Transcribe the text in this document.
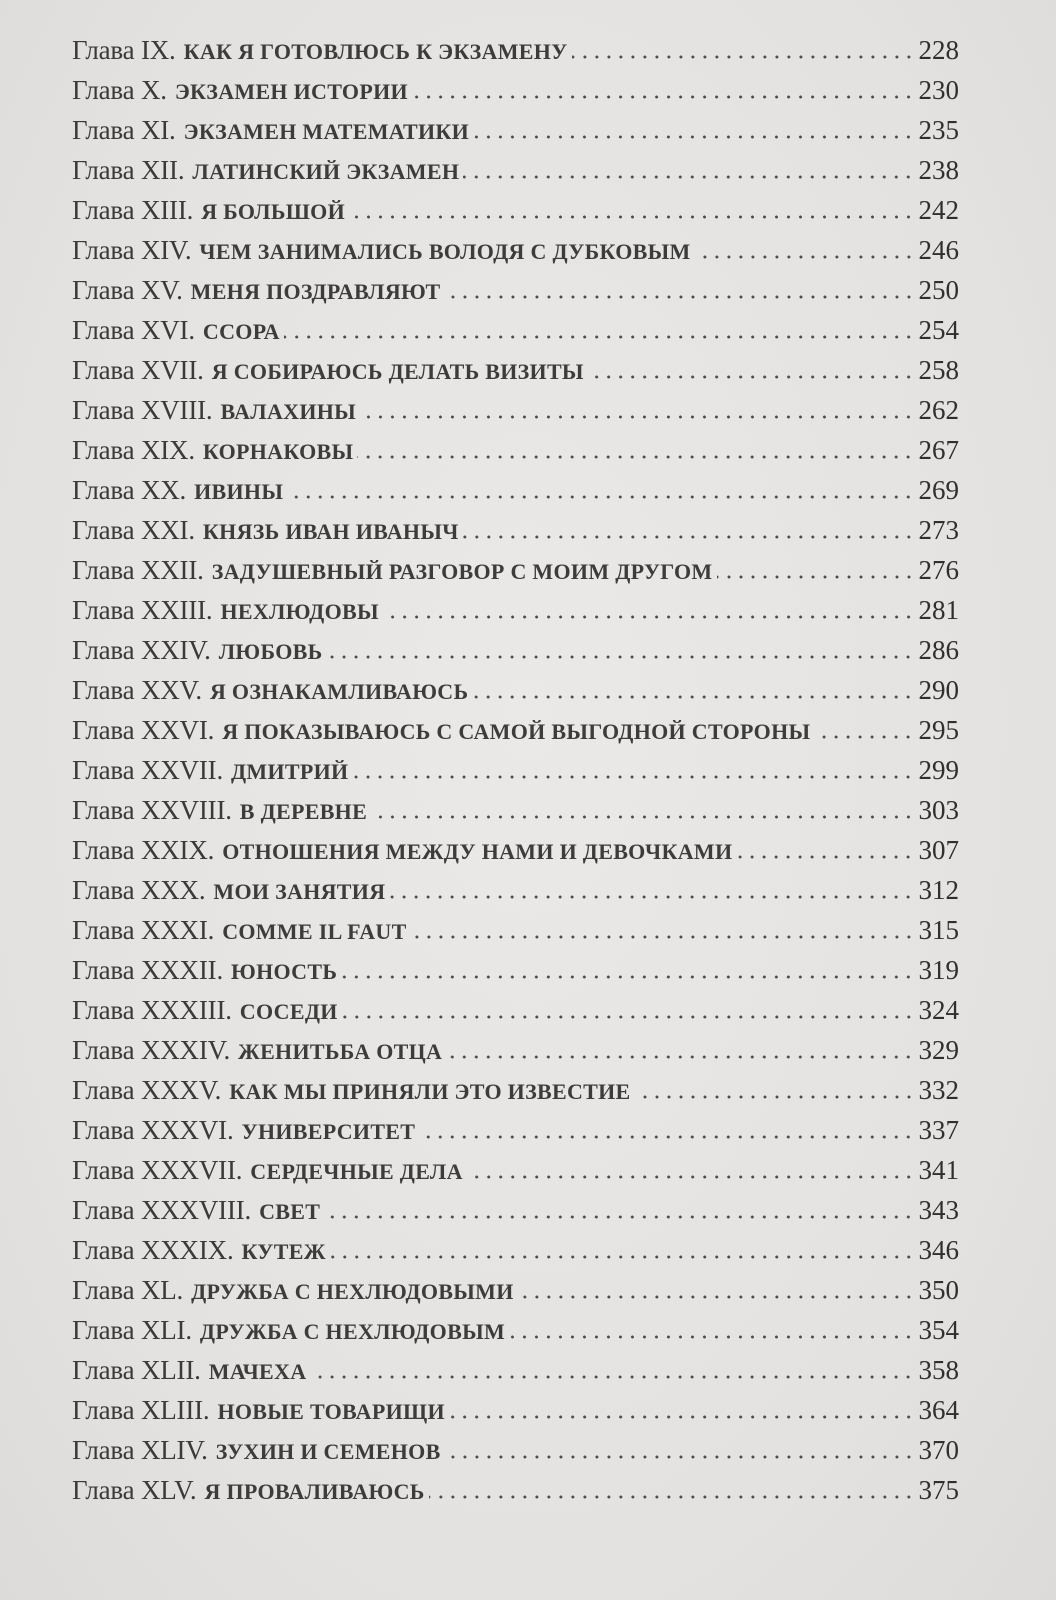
Глава IX. КАК Я ГОТОВЛЮСЬ К ЭКЗАМЕНУ	228
Глава X. ЭКЗАМЕН ИСТОРИИ	230
Глава XI. ЭКЗАМЕН МАТЕМАТИКИ	235
Глава XII. ЛАТИНСКИЙ ЭКЗАМЕН	238
Глава XIII. Я БОЛЬШОЙ	242
Глава XIV. ЧЕМ ЗАНИМАЛИСЬ ВОЛОДЯ С ДУБКОВЫМ	246
Глава XV. МЕНЯ ПОЗДРАВЛЯЮТ	250
Глава XVI. ССОРА	254
Глава XVII. Я СОБИРАЮСЬ ДЕЛАТЬ ВИЗИТЫ	258
Глава XVIII. ВАЛАХИНЫ	262
Глава XIX. КОРНАКОВЫ	267
Глава XX. ИВИНЫ	269
Глава XXI. КНЯЗЬ ИВАН ИВАНЫЧ	273
Глава XXII. ЗАДУШЕВНЫЙ РАЗГОВОР С МОИМ ДРУГОМ	276
Глава XXIII. НЕХЛЮДОВЫ	281
Глава XXIV. ЛЮБОВЬ	286
Глава XXV. Я ОЗНАКАМЛИВАЮСЬ	290
Глава XXVI. Я ПОКАЗЫВАЮСЬ С САМОЙ ВЫГОДНОЙ СТОРОНЫ	295
Глава XXVII. ДМИТРИЙ	299
Глава XXVIII. В ДЕРЕВНЕ	303
Глава XXIX. ОТНОШЕНИЯ МЕЖДУ НАМИ И ДЕВОЧКАМИ	307
Глава XXX. МОИ ЗАНЯТИЯ	312
Глава XXXI. COMME IL FAUT	315
Глава XXXII. ЮНОСТЬ	319
Глава XXXIII. СОСЕДИ	324
Глава XXXIV. ЖЕНИТЬБА ОТЦА	329
Глава XXXV. КАК МЫ ПРИНЯЛИ ЭТО ИЗВЕСТИЕ	332
Глава XXXVI. УНИВЕРСИТЕТ	337
Глава XXXVII. СЕРДЕЧНЫЕ ДЕЛА	341
Глава XXXVIII. СВЕТ	343
Глава XXXIX. КУТЕЖ	346
Глава XL. ДРУЖБА С НЕХЛЮДОВЫМИ	350
Глава XLI. ДРУЖБА С НЕХЛЮДОВЫМ	354
Глава XLII. МАЧЕХА	358
Глава XLIII. НОВЫЕ ТОВАРИЩИ	364
Глава XLIV. ЗУХИН И СЕМЕНОВ	370
Глава XLV. Я ПРОВАЛИВАЮСЬ	375
